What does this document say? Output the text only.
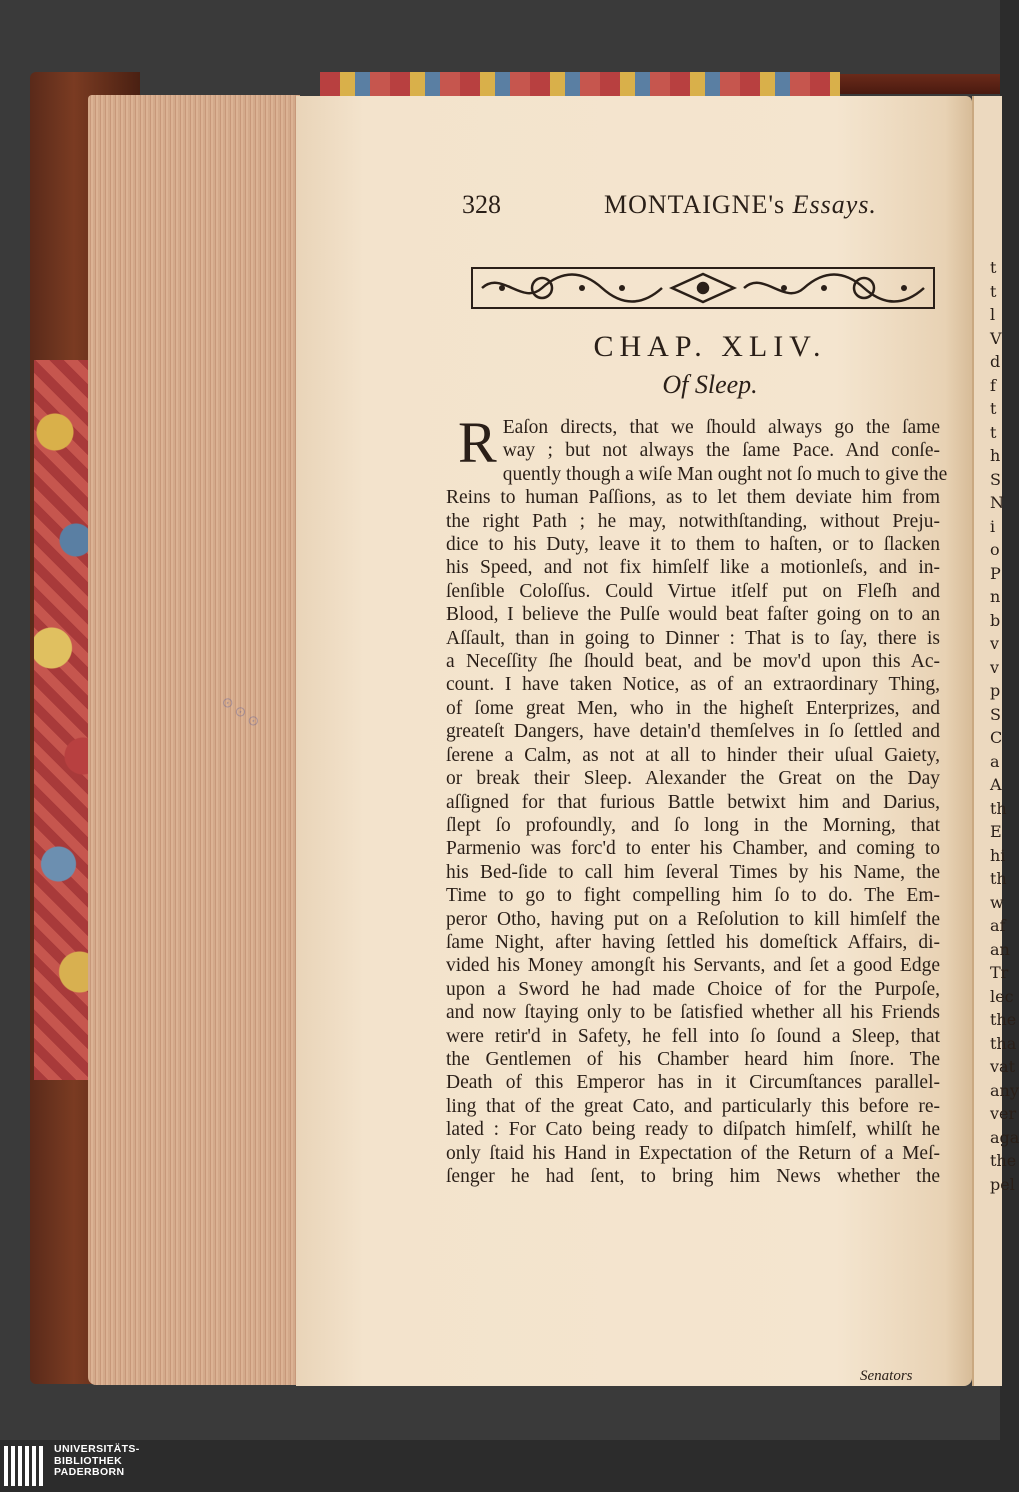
t
t
l
V
d
f
t
t
h
S
N
i
o
P
n
b
v
v
p
S
C
a
A
th
E
hi
th
w
af
an
Tr
lec
the
tha
vat
any
ver
aga
the
pel
⊙ ⊙ ⊙
328	MONTAIGNE's Essays.
CHAP. XLIV.
Of Sleep.
R Eaſon directs, that we ſhould always go the ſame
way ; but not always the ſame Pace. And conſe-
quently though a wiſe Man ought not ſo much to give the
Reins to human Paſſions, as to let them deviate him from
the right Path ; he may, notwithſtanding, without Preju-
dice to his Duty, leave it to them to haſten, or to ſlacken
his Speed, and not fix himſelf like a motionleſs, and in-
ſenſible Coloſſus. Could Virtue itſelf put on Fleſh and
Blood, I believe the Pulſe would beat faſter going on to an
Aſſault, than in going to Dinner : That is to ſay, there is
a Neceſſity ſhe ſhould beat, and be mov'd upon this Ac-
count. I have taken Notice, as of an extraordinary Thing,
of ſome great Men, who in the higheſt Enterprizes, and
greateſt Dangers, have detain'd themſelves in ſo ſettled and
ſerene a Calm, as not at all to hinder their uſual Gaiety,
or break their Sleep. Alexander the Great on the Day
aſſigned for that furious Battle betwixt him and Darius,
ſlept ſo profoundly, and ſo long in the Morning, that
Parmenio was forc'd to enter his Chamber, and coming to
his Bed-ſide to call him ſeveral Times by his Name, the
Time to go to fight compelling him ſo to do. The Em-
peror Otho, having put on a Reſolution to kill himſelf the
ſame Night, after having ſettled his domeſtick Affairs, di-
vided his Money amongſt his Servants, and ſet a good Edge
upon a Sword he had made Choice of for the Purpoſe,
and now ſtaying only to be ſatisfied whether all his Friends
were retir'd in Safety, he fell into ſo ſound a Sleep, that
the Gentlemen of his Chamber heard him ſnore. The
Death of this Emperor has in it Circumſtances parallel-
ling that of the great Cato, and particularly this before re-
lated : For Cato being ready to diſpatch himſelf, whilſt he
only ſtaid his Hand in Expectation of the Return of a Meſ-
ſenger he had ſent, to bring him News whether the
Senators
UNIVERSITÄTS-
BIBLIOTHEK
PADERBORN
